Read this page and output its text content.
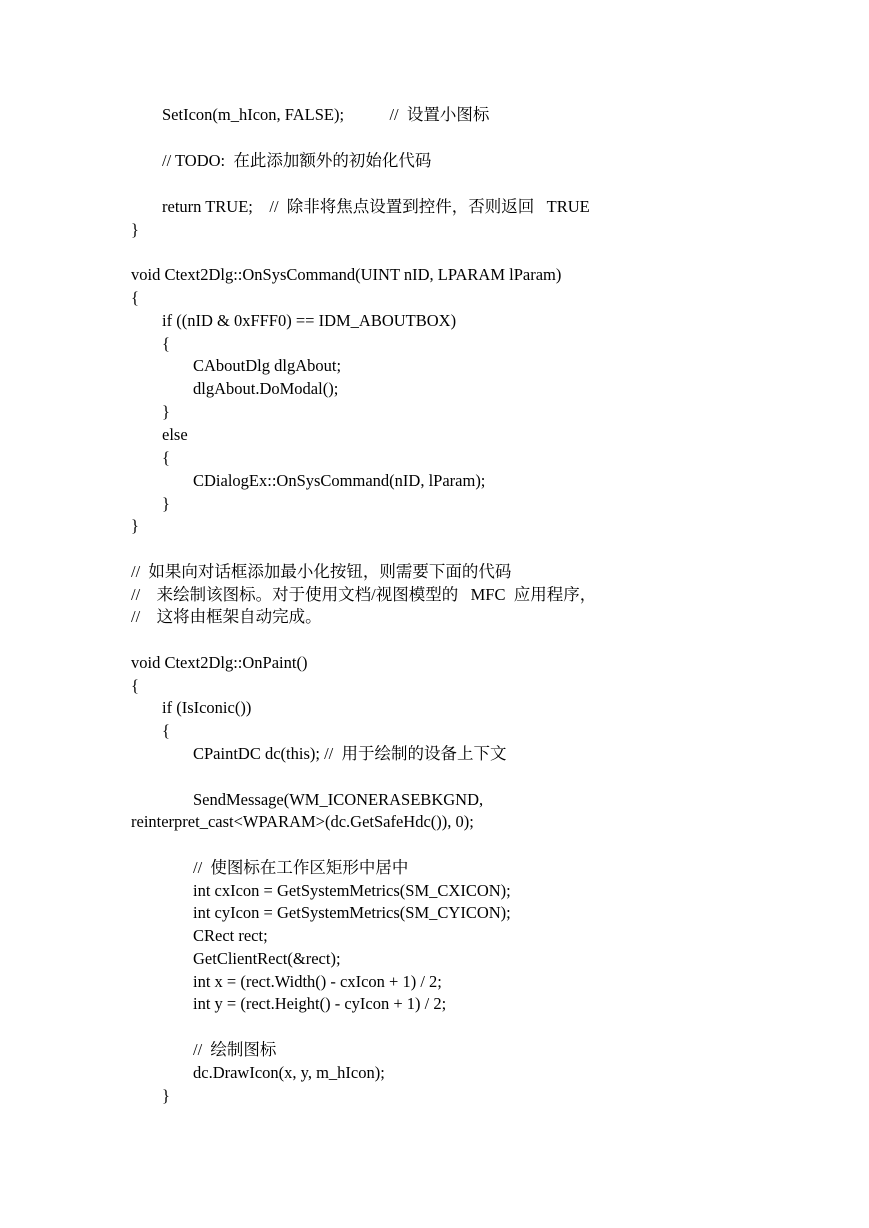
SetIcon(m_hIcon, FALSE);           //  设置小图标
// TODO:  在此添加额外的初始化代码
return TRUE;    //  除非将焦点设置到控件，否则返回   TRUE
}
void Ctext2Dlg::OnSysCommand(UINT nID, LPARAM lParam)
{
if ((nID & 0xFFF0) == IDM_ABOUTBOX)
{
CAboutDlg dlgAbout;
dlgAbout.DoModal();
}
else
{
CDialogEx::OnSysCommand(nID, lParam);
}
}
//  如果向对话框添加最小化按钮，则需要下面的代码
//    来绘制该图标。对于使用文档/视图模型的   MFC  应用程序，
//    这将由框架自动完成。
void Ctext2Dlg::OnPaint()
{
if (IsIconic())
{
CPaintDC dc(this); //  用于绘制的设备上下文
SendMessage(WM_ICONERASEBKGND,
reinterpret_cast<WPARAM>(dc.GetSafeHdc()), 0);
//  使图标在工作区矩形中居中
int cxIcon = GetSystemMetrics(SM_CXICON);
int cyIcon = GetSystemMetrics(SM_CYICON);
CRect rect;
GetClientRect(&rect);
int x = (rect.Width() - cxIcon + 1) / 2;
int y = (rect.Height() - cyIcon + 1) / 2;
//  绘制图标
dc.DrawIcon(x, y, m_hIcon);
}
